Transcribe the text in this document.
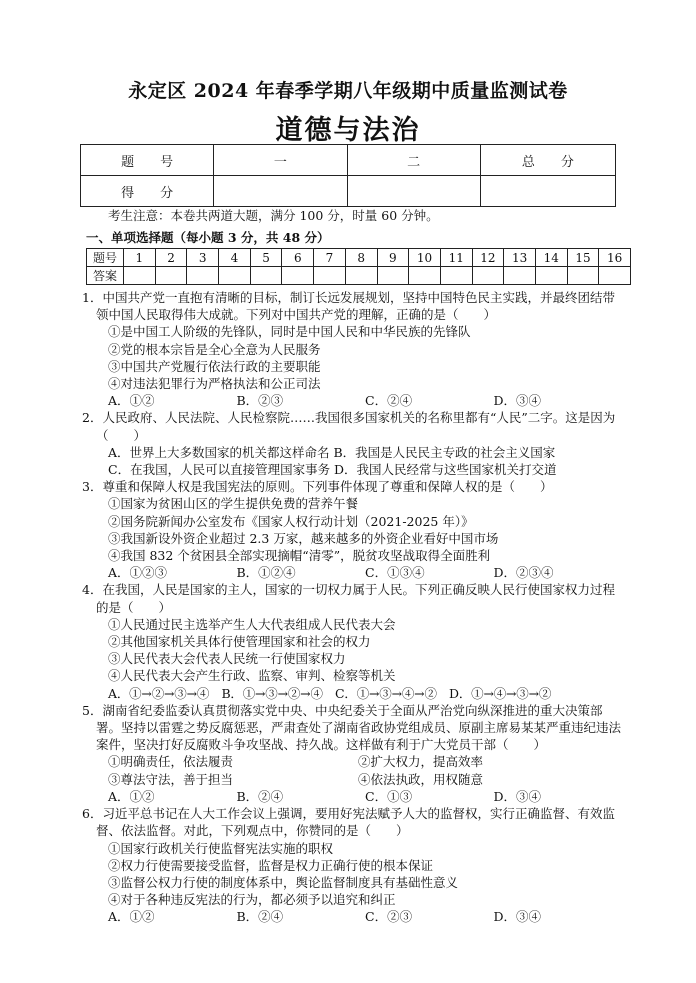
永定区 2024 年春季学期八年级期中质量监测试卷
道德与法治
题　　号	一	二	总　　分
得　　分			
考生注意：本卷共两道大题，满分 100 分，时量 60 分钟。
一、单项选择题（每小题 3 分，共 48 分）
题号	1	2	3	4	5	6	7	8	9	10	11	12	13	14	15	16
答案																
1．中国共产党一直抱有清晰的目标，制订长远发展规划，坚持中国特色民主实践，并最终团结带领中国人民取得伟大成就。下列对中国共产党的理解，正确的是（　　）
①是中国工人阶级的先锋队，同时是中国人民和中华民族的先锋队
②党的根本宗旨是全心全意为人民服务
③中国共产党履行依法行政的主要职能
④对违法犯罪行为严格执法和公正司法
A．①②	B．②③	C．②④	D．③④
2．人民政府、人民法院、人民检察院……我国很多国家机关的名称里都有“人民”二字。这是因为（　　）
A．世界上大多数国家的机关都这样命名 B．我国是人民民主专政的社会主义国家
C．在我国，人民可以直接管理国家事务 D．我国人民经常与这些国家机关打交道
3．尊重和保障人权是我国宪法的原则。下列事件体现了尊重和保障人权的是（　　）
①国家为贫困山区的学生提供免费的营养午餐
②国务院新闻办公室发布《国家人权行动计划（2021-2025 年）》
③我国新设外资企业超过 2.3 万家，越来越多的外资企业看好中国市场
④我国 832 个贫困县全部实现摘帽“清零”，脱贫攻坚战取得全面胜利
A．①②③	B．①②④	C．①③④	D．②③④
4．在我国，人民是国家的主人，国家的一切权力属于人民。下列正确反映人民行使国家权力过程的是（　　）
①人民通过民主选举产生人大代表组成人民代表大会
②其他国家机关具体行使管理国家和社会的权力
③人民代表大会代表人民统一行使国家权力
④人民代表大会产生行政、监察、审判、检察等机关
A．①→②→③→④　B．①→③→②→④　C．①→③→④→②　D．①→④→③→②
5．湖南省纪委监委认真贯彻落实党中央、中央纪委关于全面从严治党向纵深推进的重大决策部署。坚持以雷霆之势反腐惩恶，严肃查处了湖南省政协党组成员、原副主席易某某严重违纪违法案件，坚决打好反腐败斗争攻坚战、持久战。这样做有利于广大党员干部（　　）
①明确责任，依法履责	②扩大权力，提高效率
③尊法守法，善于担当	④依法执政，用权随意
A．①②	B．②④	C．①③	D．③④
6．习近平总书记在人大工作会议上强调，要用好宪法赋予人大的监督权，实行正确监督、有效监督、依法监督。对此，下列观点中，你赞同的是（　　）
①国家行政机关行使监督宪法实施的职权
②权力行使需要接受监督，监督是权力正确行使的根本保证
③监督公权力行使的制度体系中，舆论监督制度具有基础性意义
④对于各种违反宪法的行为，都必须予以追究和纠正
A．①②	B．②④	C．②③	D．③④
